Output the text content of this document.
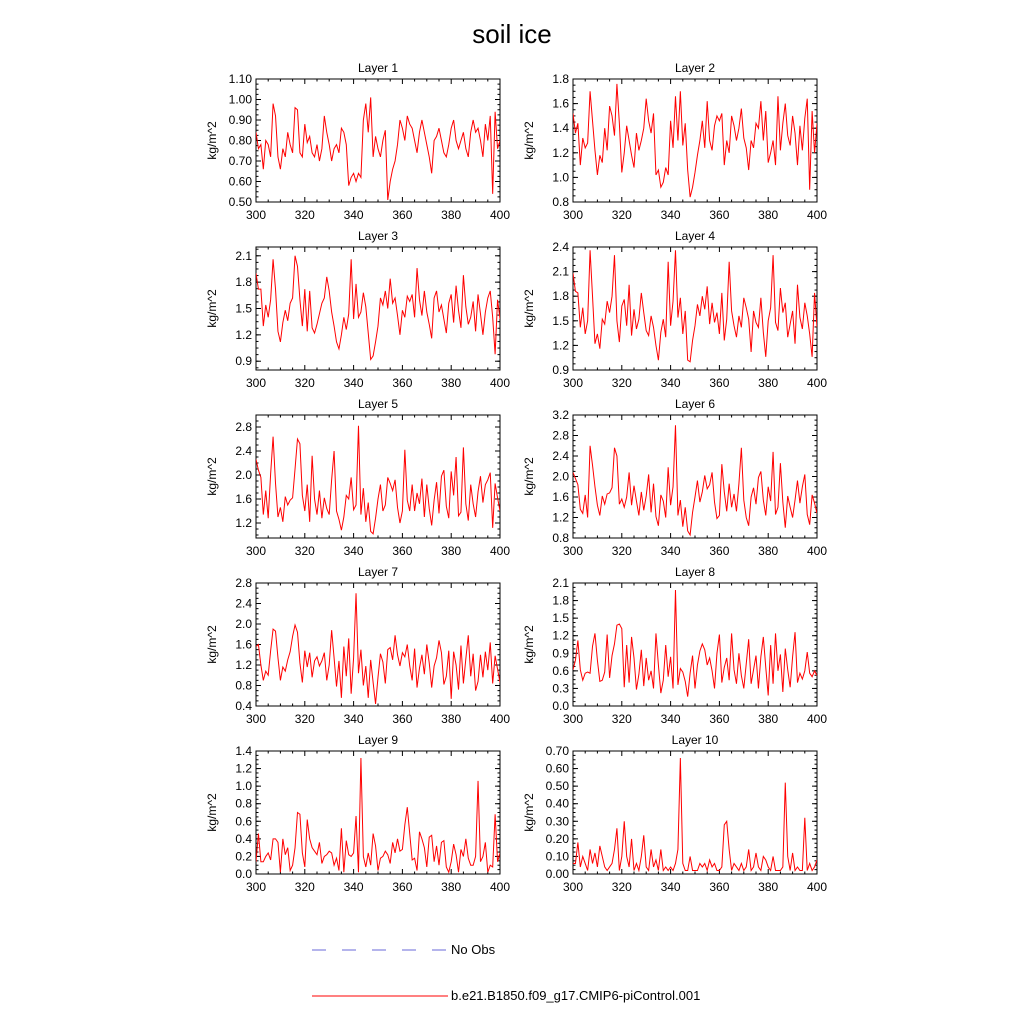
soil ice
Layer 1
300 320 340 360 380 400
0.50
0.60
0.70
0.80
0.90
1.00
1.10
kg/m^2
Layer 2
300 320 340 360 380 400
0.8
1.0
1.2
1.4
1.6
1.8
kg/m^2
Layer 3
300 320 340 360 380 400
0.9
1.2
1.5
1.8
2.1
kg/m^2
Layer 4
300 320 340 360 380 400
0.9
1.2
1.5
1.8
2.1
2.4
kg/m^2
Layer 5
300 320 340 360 380 400
1.2
1.6
2.0
2.4
2.8
kg/m^2
Layer 6
300 320 340 360 380 400
0.8
1.2
1.6
2.0
2.4
2.8
3.2
kg/m^2
Layer 7
300 320 340 360 380 400
0.4
0.8
1.2
1.6
2.0
2.4
2.8
kg/m^2
Layer 8
300 320 340 360 380 400
0.0
0.3
0.6
0.9
1.2
1.5
1.8
2.1
kg/m^2
Layer 9
300 320 340 360 380 400
0.0
0.2
0.4
0.6
0.8
1.0
1.2
1.4
kg/m^2
Layer 10
300 320 340 360 380 400
0.00
0.10
0.20
0.30
0.40
0.50
0.60
0.70
kg/m^2
No Obs
b.e21.B1850.f09_g17.CMIP6-piControl.001
